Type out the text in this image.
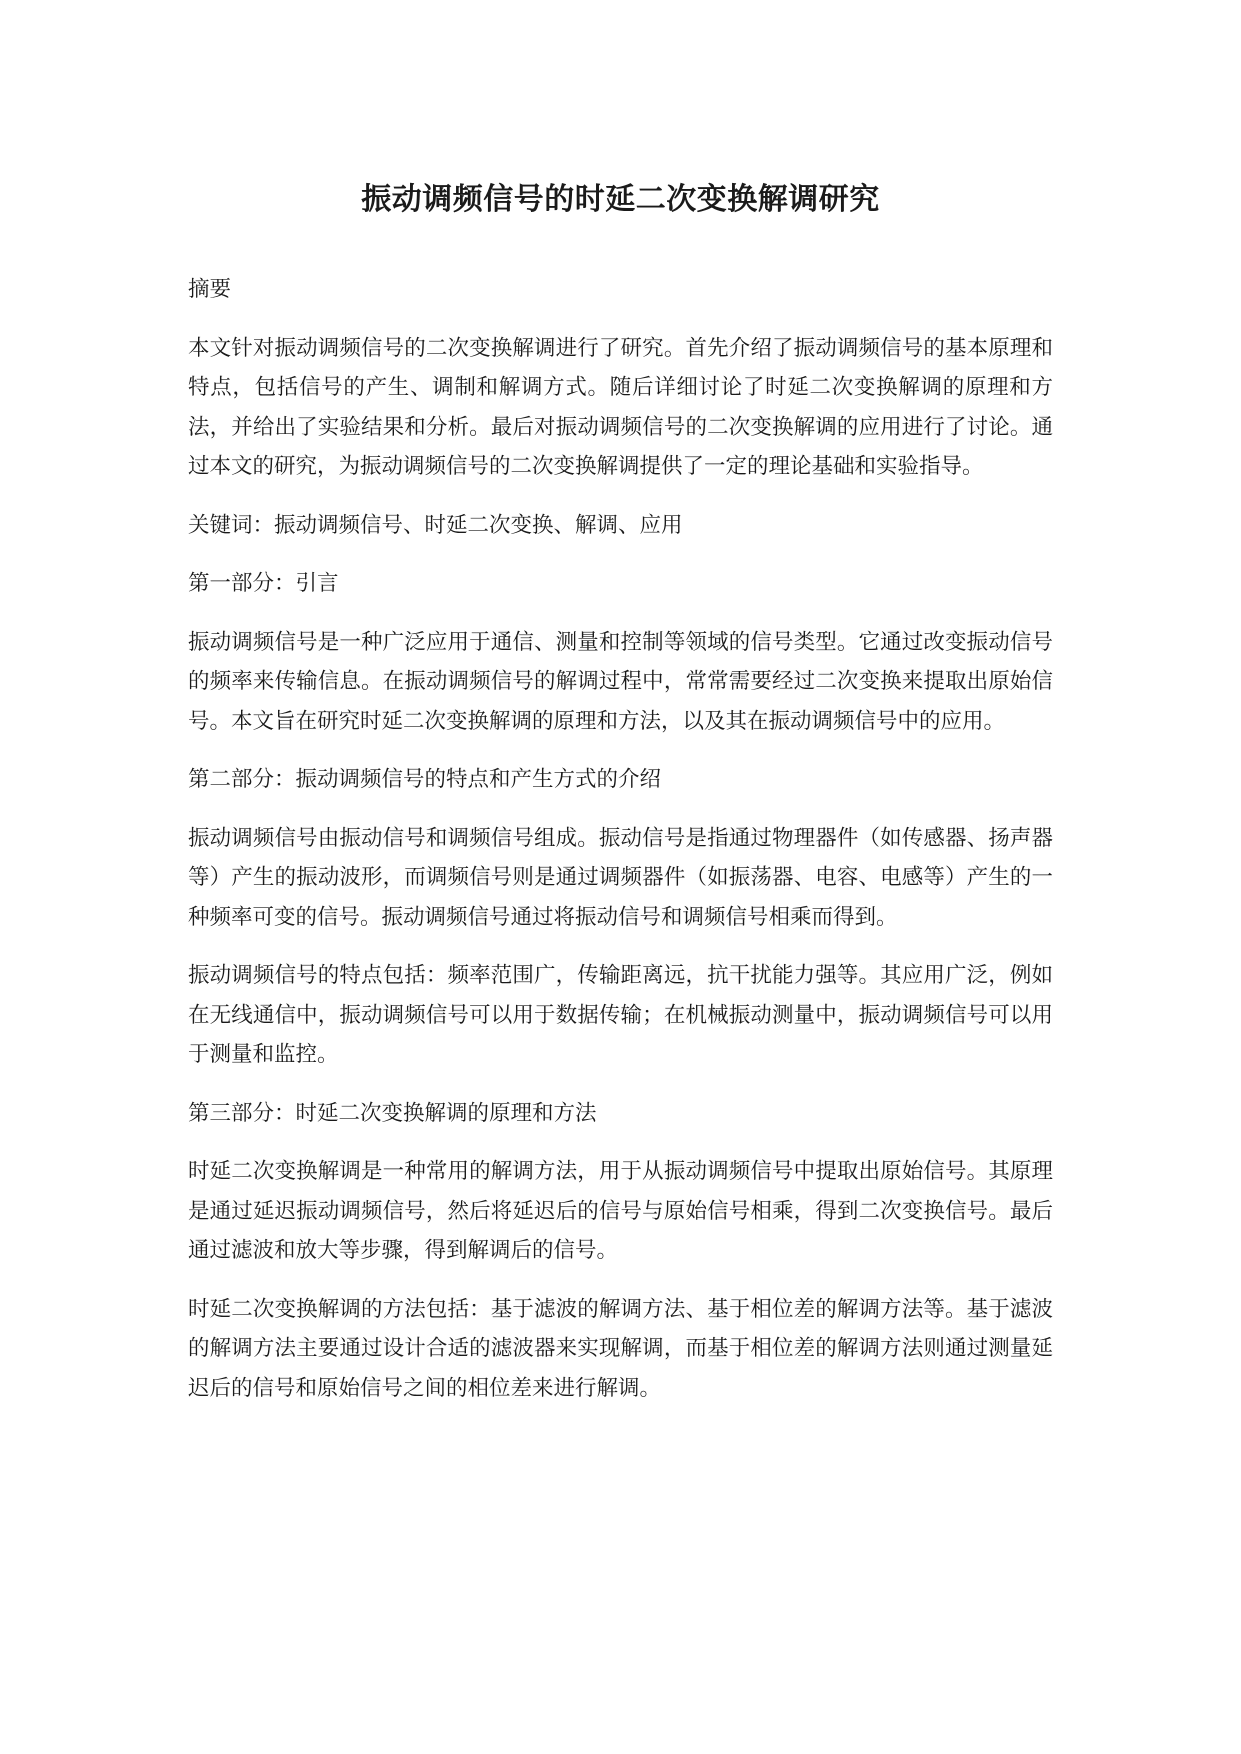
振动调频信号的时延二次变换解调研究

摘要

本文针对振动调频信号的二次变换解调进行了研究。首先介绍了振动调频信号的基本原理和特点，包括信号的产生、调制和解调方式。随后详细讨论了时延二次变换解调的原理和方法，并给出了实验结果和分析。最后对振动调频信号的二次变换解调的应用进行了讨论。通过本文的研究，为振动调频信号的二次变换解调提供了一定的理论基础和实验指导。

关键词：振动调频信号、时延二次变换、解调、应用

第一部分：引言

振动调频信号是一种广泛应用于通信、测量和控制等领域的信号类型。它通过改变振动信号的频率来传输信息。在振动调频信号的解调过程中，常常需要经过二次变换来提取出原始信号。本文旨在研究时延二次变换解调的原理和方法，以及其在振动调频信号中的应用。

第二部分：振动调频信号的特点和产生方式的介绍

振动调频信号由振动信号和调频信号组成。振动信号是指通过物理器件（如传感器、扬声器等）产生的振动波形，而调频信号则是通过调频器件（如振荡器、电容、电感等）产生的一种频率可变的信号。振动调频信号通过将振动信号和调频信号相乘而得到。

振动调频信号的特点包括：频率范围广，传输距离远，抗干扰能力强等。其应用广泛，例如在无线通信中，振动调频信号可以用于数据传输；在机械振动测量中，振动调频信号可以用于测量和监控。

第三部分：时延二次变换解调的原理和方法

时延二次变换解调是一种常用的解调方法，用于从振动调频信号中提取出原始信号。其原理是通过延迟振动调频信号，然后将延迟后的信号与原始信号相乘，得到二次变换信号。最后通过滤波和放大等步骤，得到解调后的信号。

时延二次变换解调的方法包括：基于滤波的解调方法、基于相位差的解调方法等。基于滤波的解调方法主要通过设计合适的滤波器来实现解调，而基于相位差的解调方法则通过测量延迟后的信号和原始信号之间的相位差来进行解调。
